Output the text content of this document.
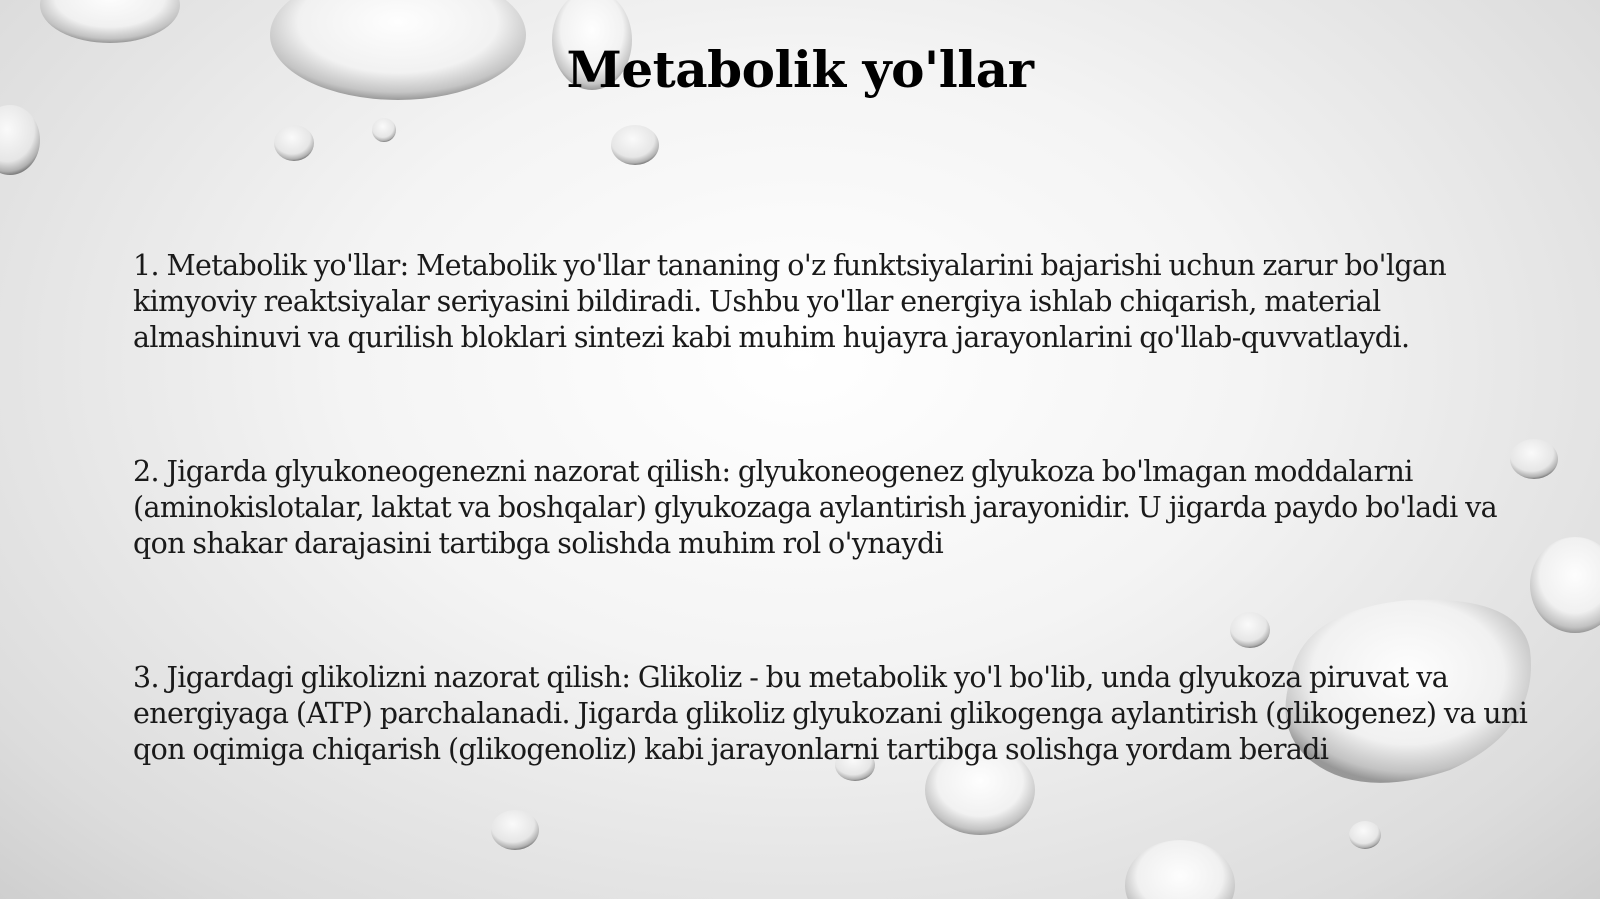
Metabolik yo'llar

1. Metabolik yo'llar: Metabolik yo'llar tananing o'z funktsiyalarini bajarishi uchun zarur bo'lgan kimyoviy reaktsiyalar seriyasini bildiradi. Ushbu yo'llar energiya ishlab chiqarish, material almashinuvi va qurilish bloklari sintezi kabi muhim hujayra jarayonlarini qo'llab-quvvatlaydi.

2. Jigarda glyukoneogenezni nazorat qilish: glyukoneogenez glyukoza bo'lmagan moddalarni (aminokislotalar, laktat va boshqalar) glyukozaga aylantirish jarayonidir. U jigarda paydo bo'ladi va qon shakar darajasini tartibga solishda muhim rol o'ynaydi

3. Jigardagi glikolizni nazorat qilish: Glikoliz - bu metabolik yo'l bo'lib, unda glyukoza piruvat va energiyaga (ATP) parchalanadi. Jigarda glikoliz glyukozani glikogenga aylantirish (glikogenez) va uni qon oqimiga chiqarish (glikogenoliz) kabi jarayonlarni tartibga solishga yordam beradi
